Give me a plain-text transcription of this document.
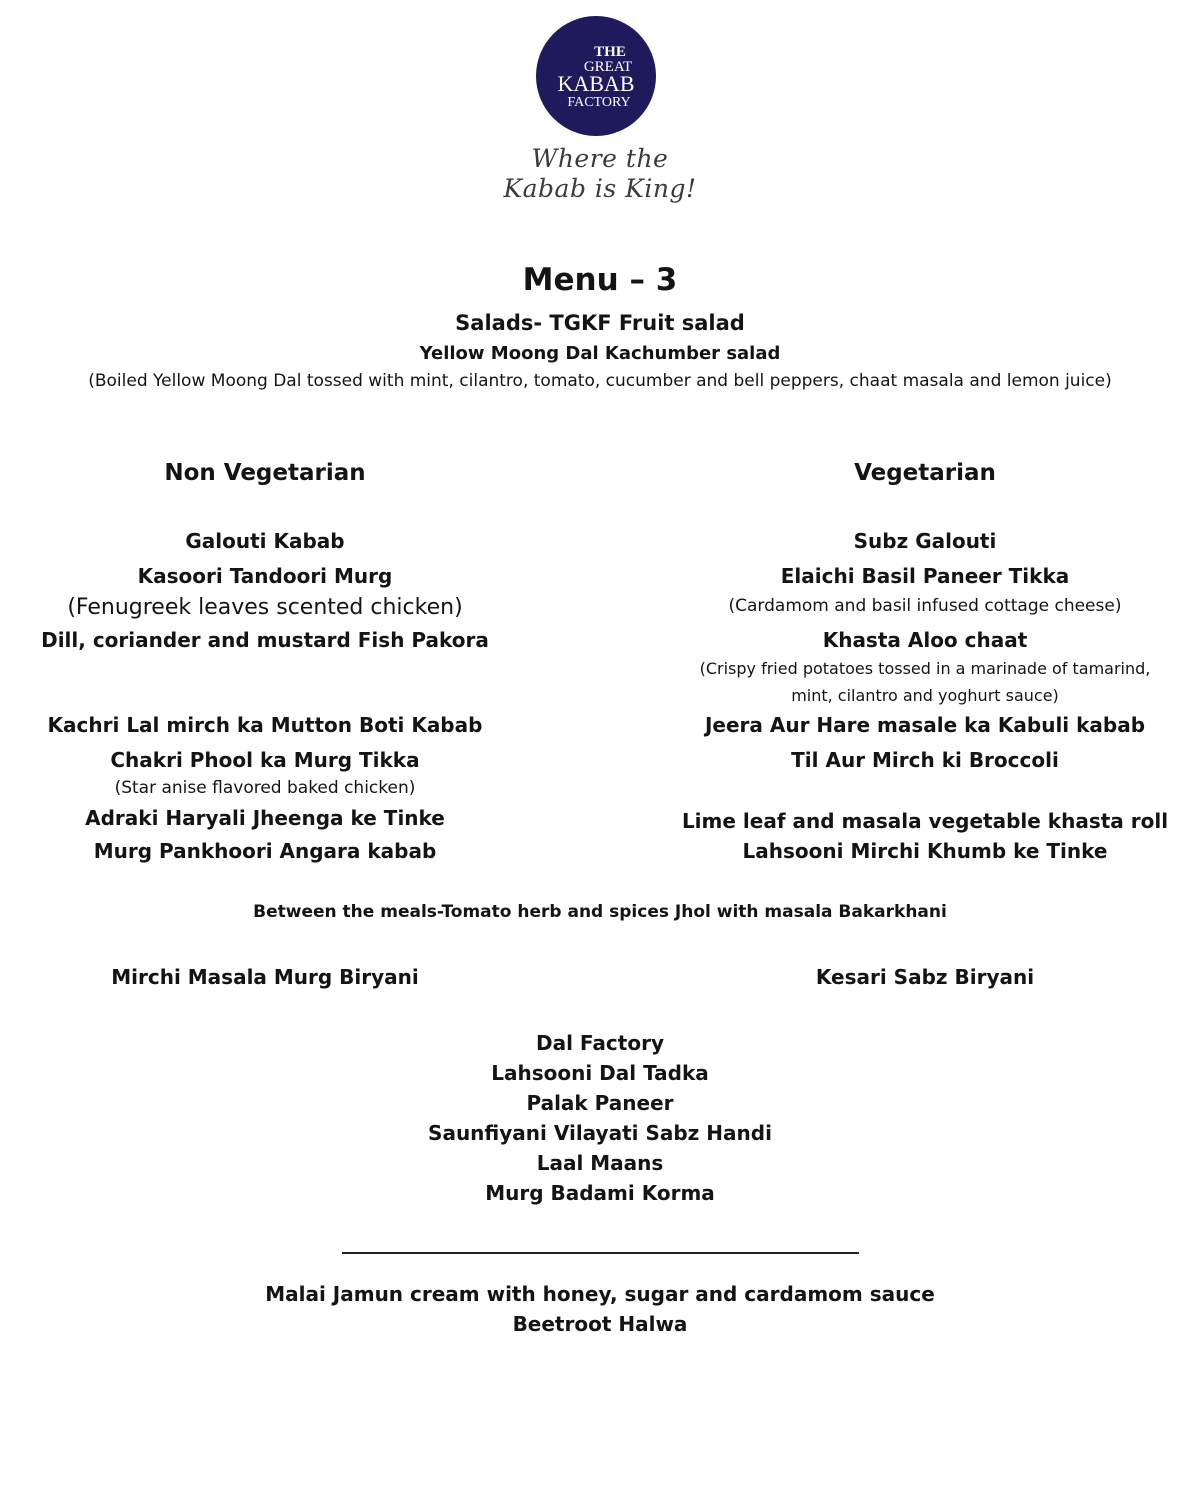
THE
GREAT
KABAB
FACTORY
Where the
Kabab is King!
Menu – 3
Salads- TGKF Fruit salad
Yellow Moong Dal Kachumber salad
(Boiled Yellow Moong Dal tossed with mint, cilantro, tomato, cucumber and bell peppers, chaat masala and lemon juice)
Non Vegetarian	Vegetarian
Galouti Kabab
Kasoori Tandoori Murg
(Fenugreek leaves scented chicken)
Dill, coriander and mustard Fish Pakora
Kachri Lal mirch ka Mutton Boti Kabab
Chakri Phool ka Murg Tikka
(Star anise flavored baked chicken)
Adraki Haryali Jheenga ke Tinke
Murg Pankhoori Angara kabab
Subz Galouti
Elaichi Basil Paneer Tikka
(Cardamom and basil infused cottage cheese)
Khasta Aloo chaat
(Crispy fried potatoes tossed in a marinade of tamarind,
mint, cilantro and yoghurt sauce)
Jeera Aur Hare masale ka Kabuli kabab
Til Aur Mirch ki Broccoli
Lime leaf and masala vegetable khasta roll
Lahsooni Mirchi Khumb ke Tinke
Between the meals-Tomato herb and spices Jhol with masala Bakarkhani
Mirchi Masala Murg Biryani	Kesari Sabz Biryani
Dal Factory
Lahsooni Dal Tadka
Palak Paneer
Saunfiyani Vilayati Sabz Handi
Laal Maans
Murg Badami Korma
Malai Jamun cream with honey, sugar and cardamom sauce
Beetroot Halwa
